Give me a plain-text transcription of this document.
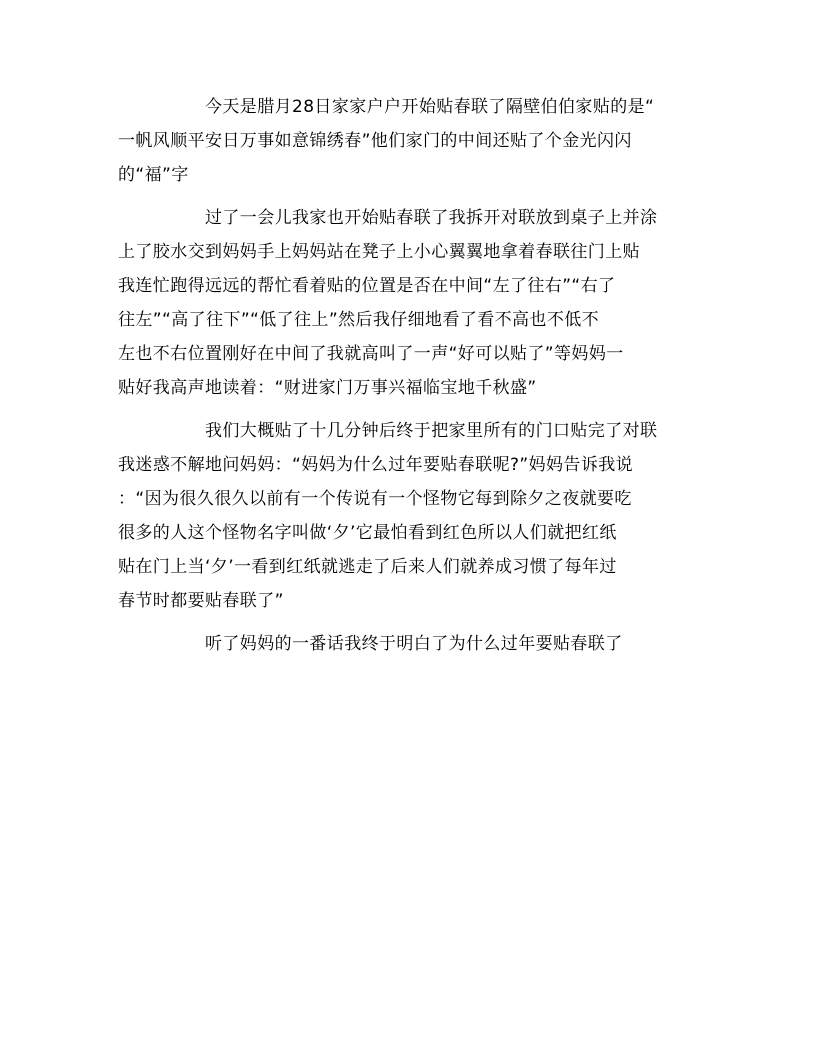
今天是腊月28日家家户户开始贴春联了隔壁伯伯家贴的是“
一帆风顺平安日万事如意锦绣春”他们家门的中间还贴了个金光闪闪
的“福”字
过了一会儿我家也开始贴春联了我拆开对联放到桌子上并涂
上了胶水交到妈妈手上妈妈站在凳子上小心翼翼地拿着春联往门上贴
我连忙跑得远远的帮忙看着贴的位置是否在中间“左了往右”“右了
往左”“高了往下”“低了往上”然后我仔细地看了看不高也不低不
左也不右位置刚好在中间了我就高叫了一声“好可以贴了”等妈妈一
贴好我高声地读着：“财进家门万事兴福临宝地千秋盛”
我们大概贴了十几分钟后终于把家里所有的门口贴完了对联
我迷惑不解地问妈妈：“妈妈为什么过年要贴春联呢?”妈妈告诉我说
：“因为很久很久以前有一个传说有一个怪物它每到除夕之夜就要吃
很多的人这个怪物名字叫做‘夕’它最怕看到红色所以人们就把红纸
贴在门上当‘夕’一看到红纸就逃走了后来人们就养成习惯了每年过
春节时都要贴春联了”
听了妈妈的一番话我终于明白了为什么过年要贴春联了
